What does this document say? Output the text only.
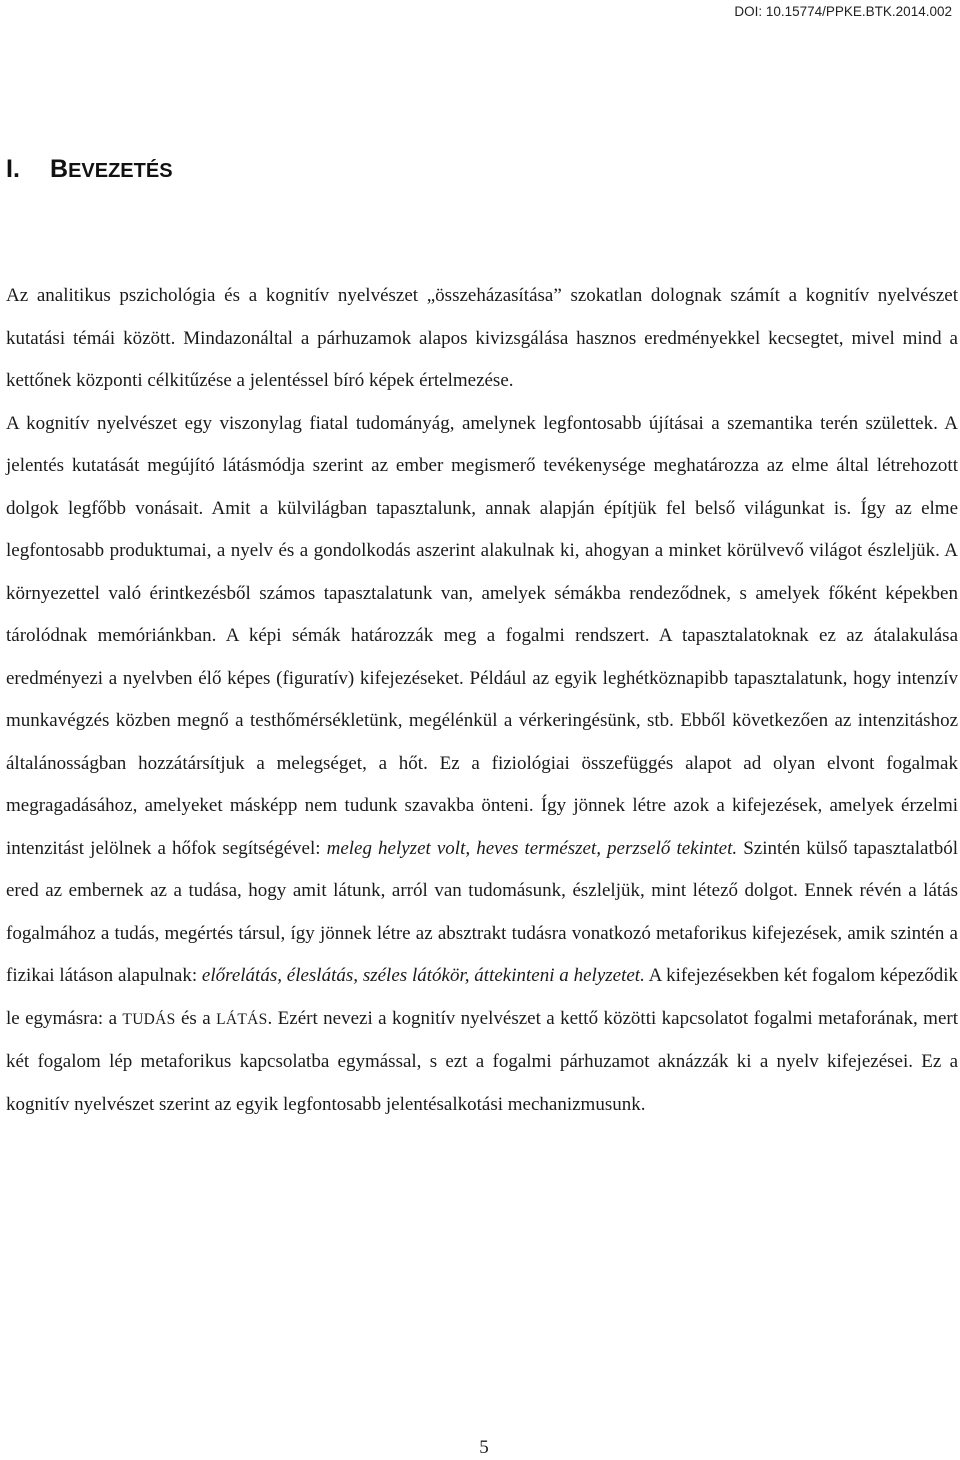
DOI: 10.15774/PPKE.BTK.2014.002
I. BEVEZETÉS

Az analitikus pszichológia és a kognitív nyelvészet „összeházasítása” szokatlan dolognak számít a kognitív nyelvészet kutatási témái között. Mindazonáltal a párhuzamok alapos kivizsgálása hasznos eredményekkel kecsegtet, mivel mind a kettőnek központi célkitűzése a jelentéssel bíró képek értelmezése.

A kognitív nyelvészet egy viszonylag fiatal tudományág, amelynek legfontosabb újításai a szemantika terén születtek. A jelentés kutatását megújító látásmódja szerint az ember megismerő tevékenysége meghatározza az elme által létrehozott dolgok legfőbb vonásait. Amit a külvilágban tapasztalunk, annak alapján építjük fel belső világunkat is. Így az elme legfontosabb produktumai, a nyelv és a gondolkodás aszerint alakulnak ki, ahogyan a minket körülvevő világot észleljük. A környezettel való érintkezésből számos tapasztalatunk van, amelyek sémákba rendeződnek, s amelyek főként képekben tárolódnak memóriánkban. A képi sémák határozzák meg a fogalmi rendszert. A tapasztalatoknak ez az átalakulása eredményezi a nyelvben élő képes (figuratív) kifejezéseket. Például az egyik leghétköznapibb tapasztalatunk, hogy intenzív munkavégzés közben megnő a testhőmérsékletünk, megélénkül a vérkeringésünk, stb. Ebből következően az intenzitáshoz általánosságban hozzátársítjuk a melegséget, a hőt. Ez a fiziológiai összefüggés alapot ad olyan elvont fogalmak megragadásához, amelyeket másképp nem tudunk szavakba önteni. Így jönnek létre azok a kifejezések, amelyek érzelmi intenzitást jelölnek a hőfok segítségével: meleg helyzet volt, heves természet, perzselő tekintet. Szintén külső tapasztalatból ered az embernek az a tudása, hogy amit látunk, arról van tudomásunk, észleljük, mint létező dolgot. Ennek révén a látás fogalmához a tudás, megértés társul, így jönnek létre az absztrakt tudásra vonatkozó metaforikus kifejezések, amik szintén a fizikai látáson alapulnak: előrelátás, éleslátás, széles látókör, áttekinteni a helyzetet. A kifejezésekben két fogalom képeződik le egymásra: a TUDÁS és a LÁTÁS. Ezért nevezi a kognitív nyelvészet a kettő közötti kapcsolatot fogalmi metaforának, mert két fogalom lép metaforikus kapcsolatba egymással, s ezt a fogalmi párhuzamot aknázzák ki a nyelv kifejezései. Ez a kognitív nyelvészet szerint az egyik legfontosabb jelentésalkotási mechanizmusunk.

5
